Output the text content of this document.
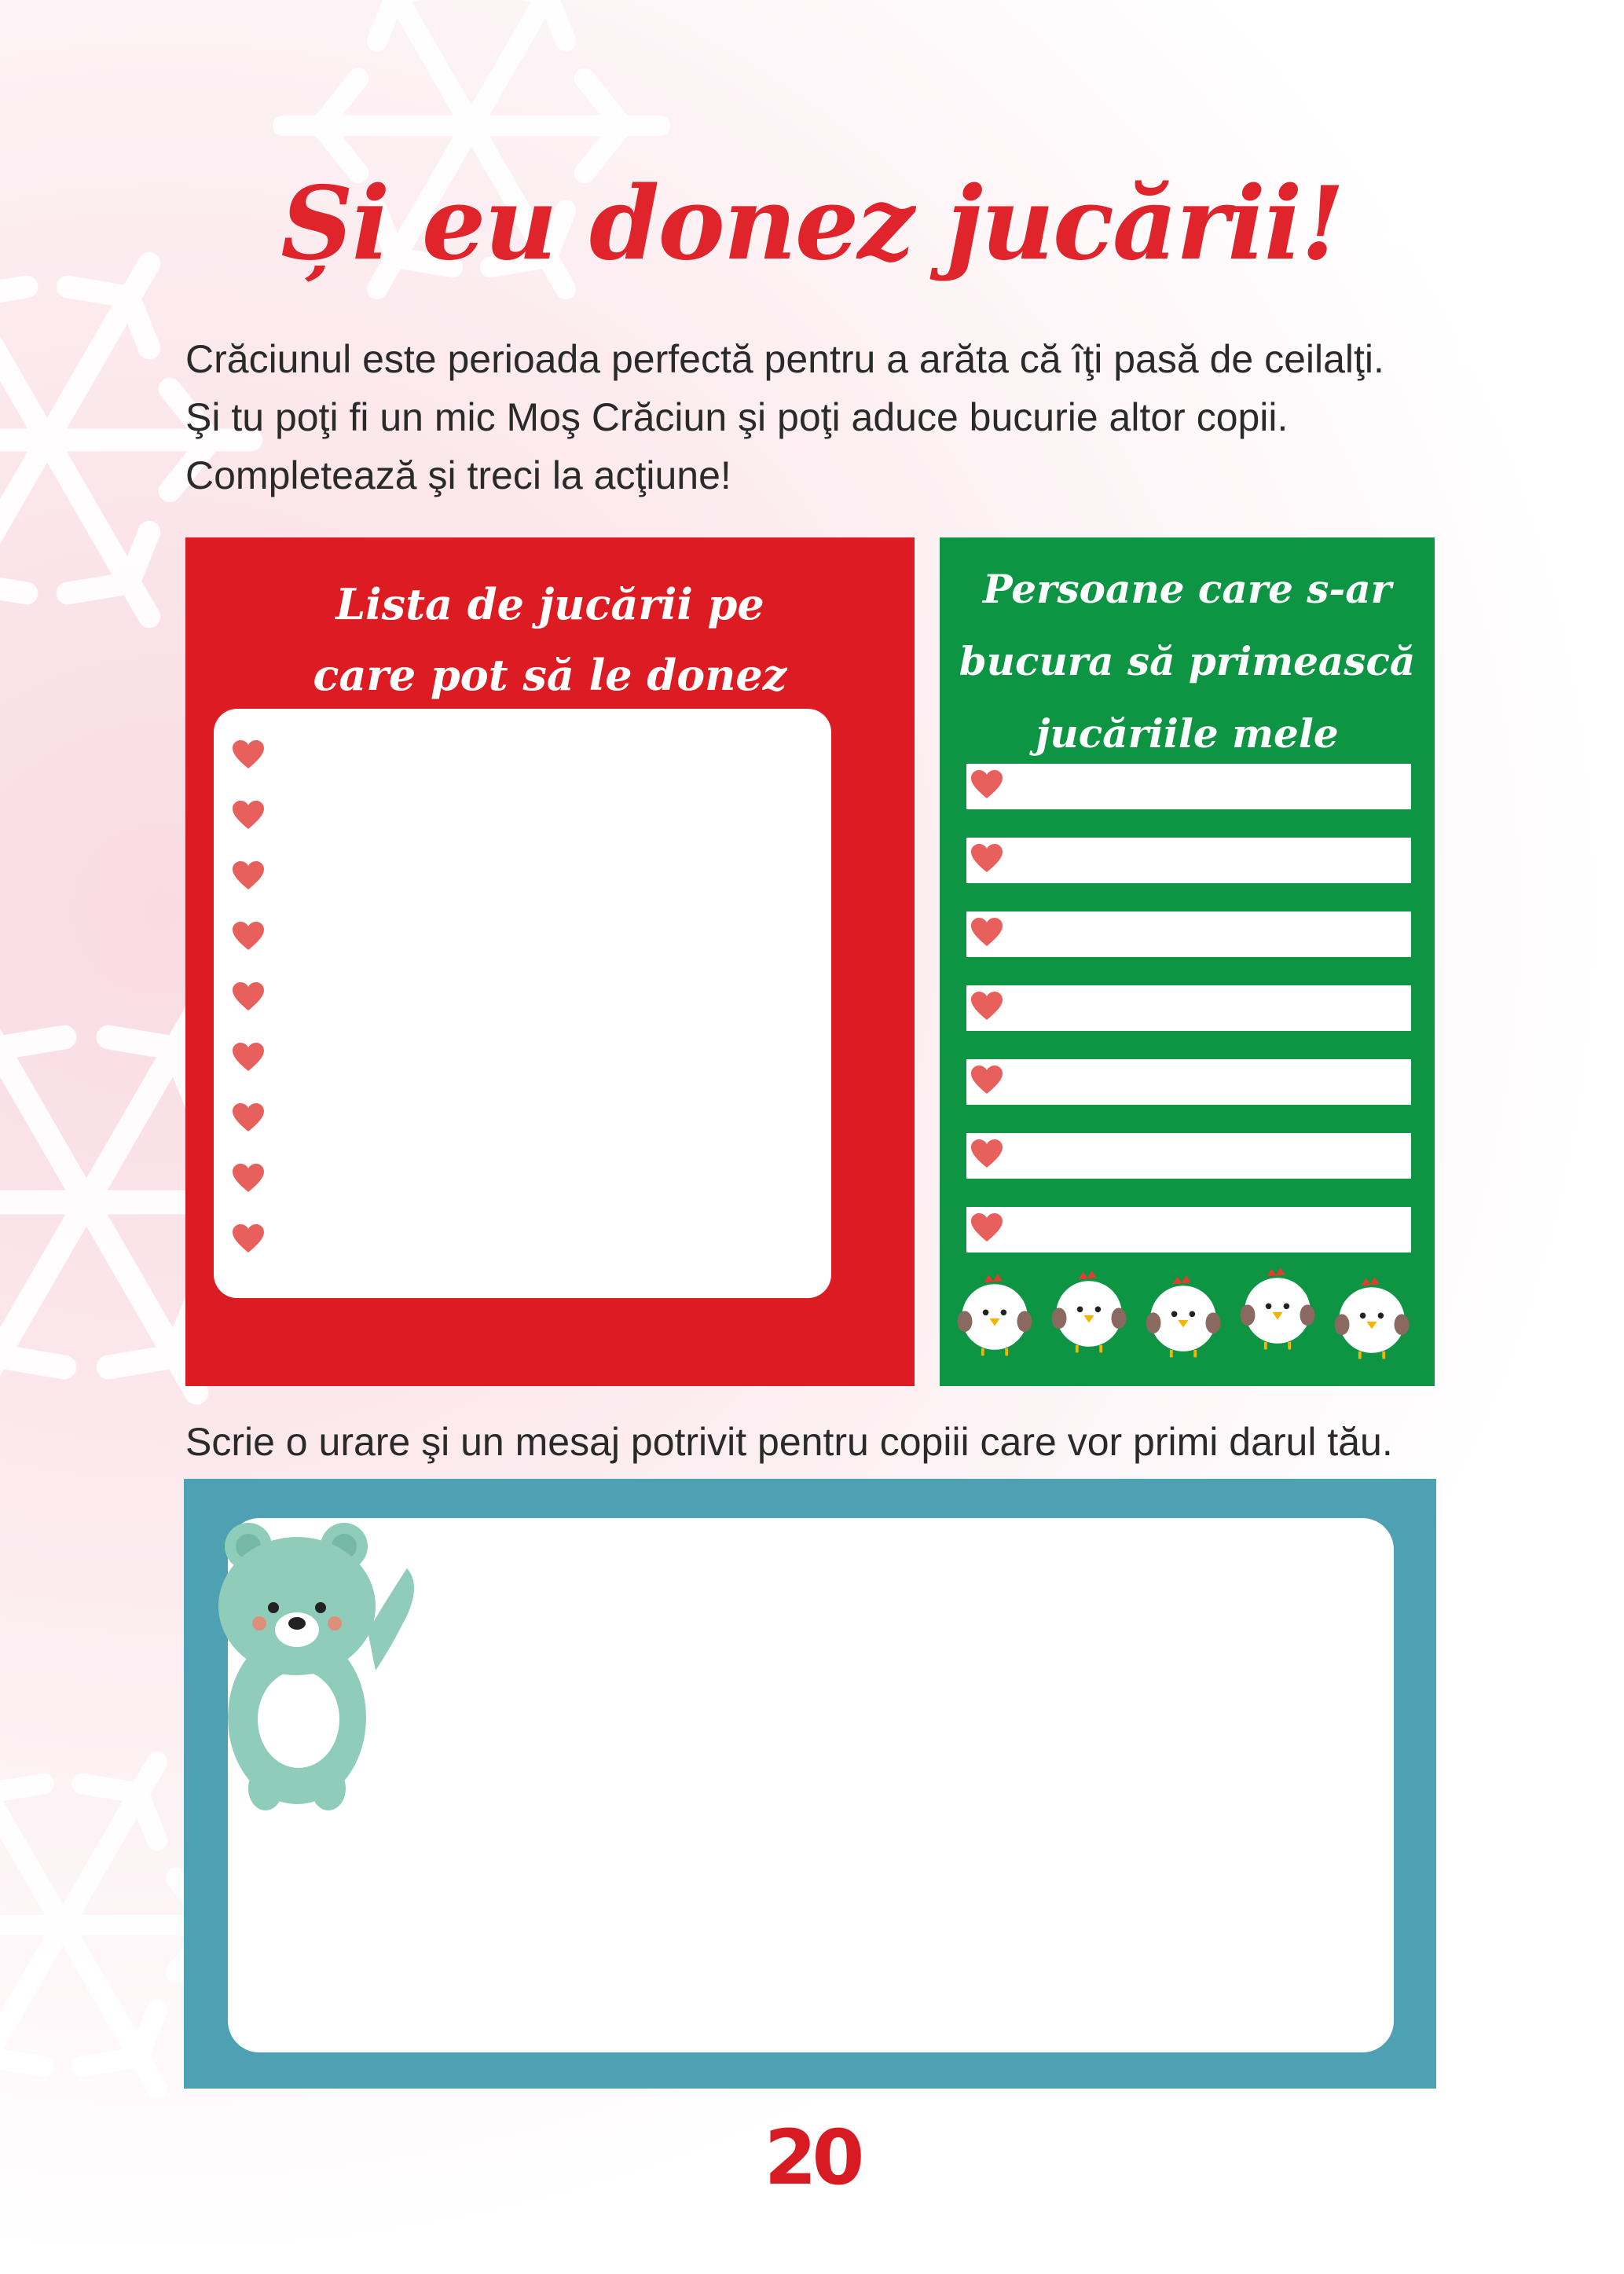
Și eu donez jucării!

Crăciunul este perioada perfectă pentru a arăta că îţi pasă de ceilalţi.

Şi tu poţi fi un mic Moş Crăciun şi poţi aduce bucurie altor copii.

Completează şi treci la acţiune!

Lista de jucării pe
care pot să le donez
Persoane care s-ar
bucura să primească
jucăriile mele
Scrie o urare şi un mesaj potrivit pentru copiii care vor primi darul tău.
20
